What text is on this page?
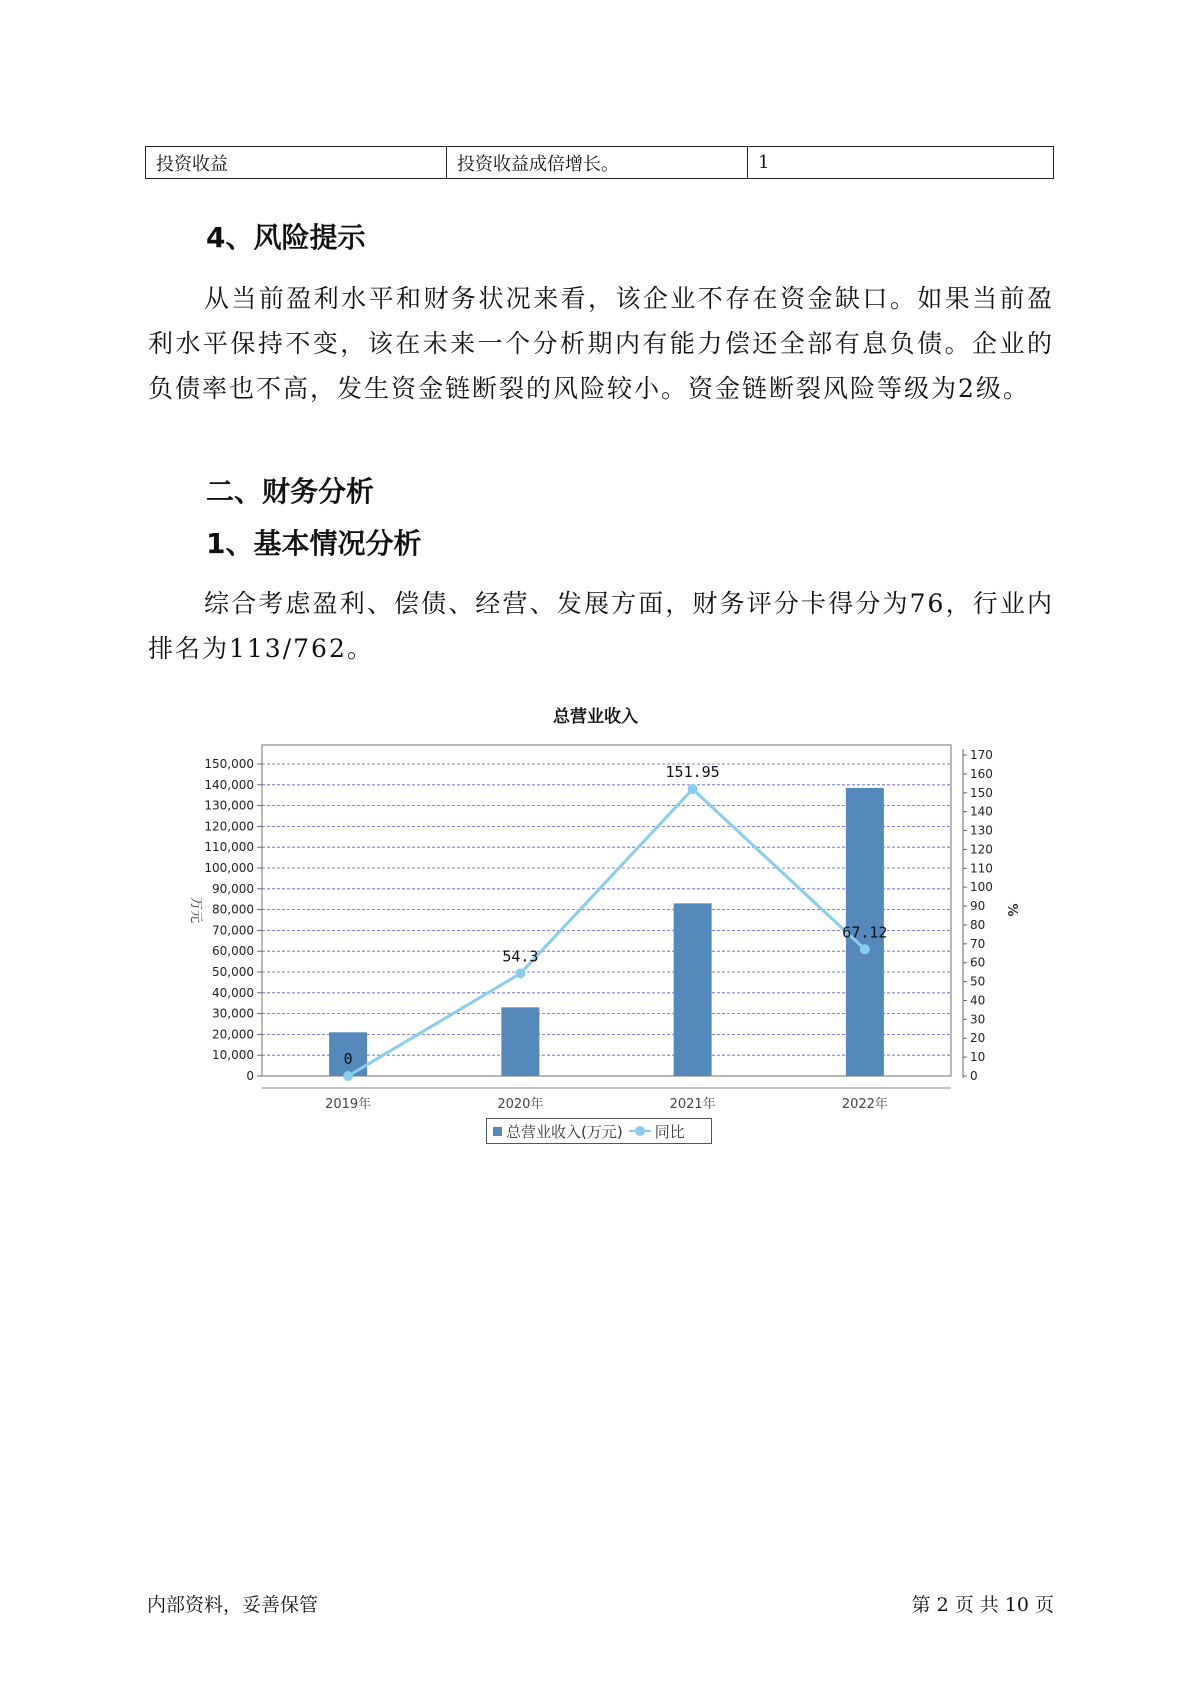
投资收益	投资收益成倍增长。	1
4、风险提示

从当前盈利水平和财务状况来看，该企业不存在资金缺口。如果当前盈利水平保持不变，该在未来一个分析期内有能力偿还全部有息负债。企业的负债率也不高，发生资金链断裂的风险较小。资金链断裂风险等级为2级。

二、财务分析
1、基本情况分析

综合考虑盈利、偿债、经营、发展方面，财务评分卡得分为76，行业内排名为113/762。

总营业收入
0
10,000
20,000
30,000
40,000
50,000
60,000
70,000
80,000
90,000
100,000
110,000
120,000
130,000
140,000
150,000
0
10
20
30
40
50
60
70
80
90
100
110
120
130
140
150
160
170
万元	%
2019年	2020年	2021年	2022年
0
54.3
151.95
67.12
总营业收入(万元) 同比
内部资料，妥善保管	第 2 页 共 10 页
